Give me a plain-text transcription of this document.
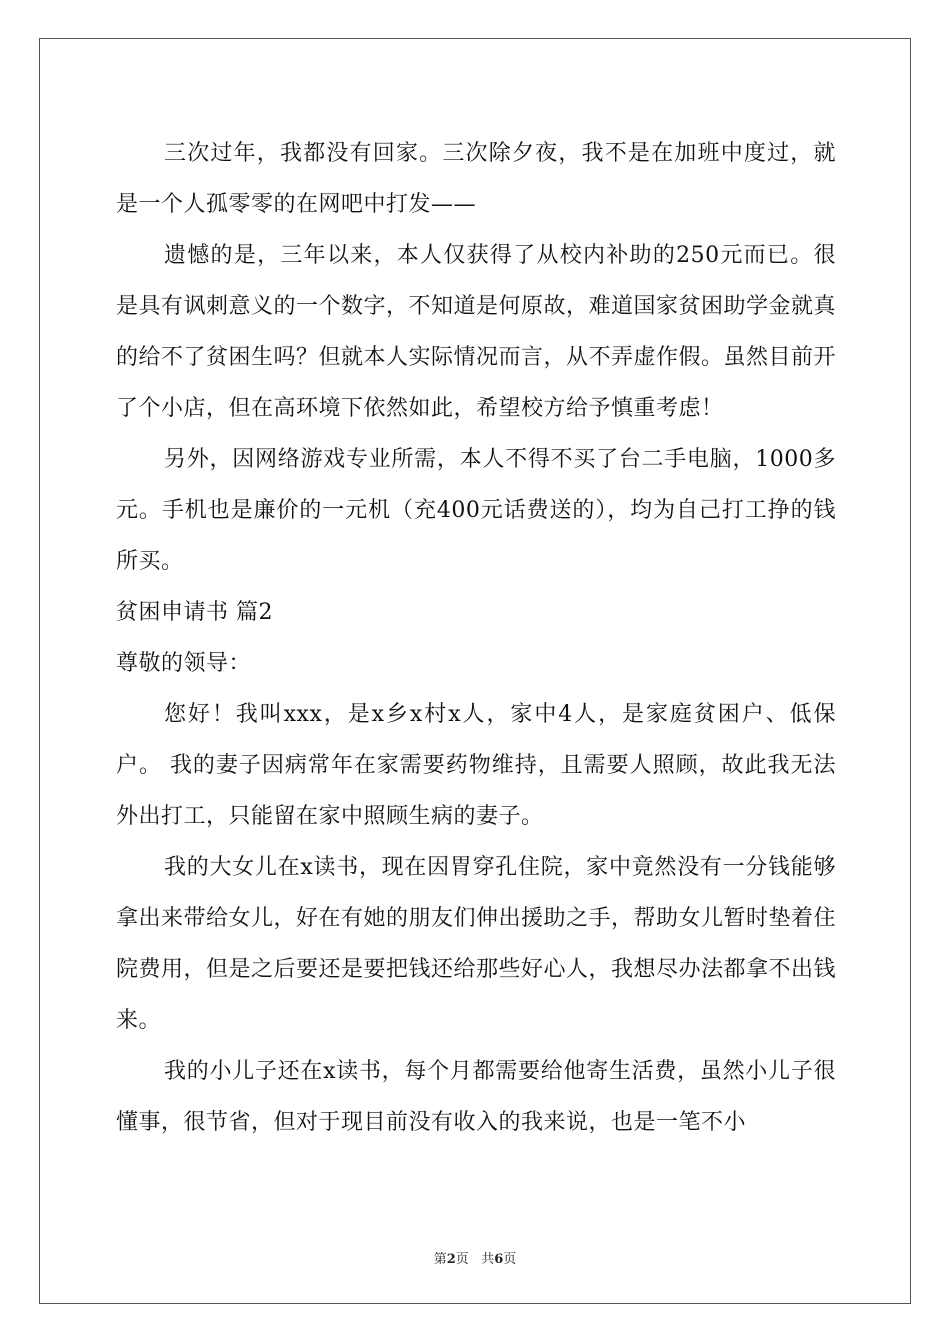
三次过年，我都没有回家。三次除夕夜，我不是在加班中度过，就是一个人孤零零的在网吧中打发——

遗憾的是，三年以来，本人仅获得了从校内补助的250元而已。很是具有讽刺意义的一个数字，不知道是何原故，难道国家贫困助学金就真的给不了贫困生吗？但就本人实际情况而言，从不弄虚作假。虽然目前开了个小店，但在高环境下依然如此，希望校方给予慎重考虑！

另外，因网络游戏专业所需，本人不得不买了台二手电脑，1000多元。手机也是廉价的一元机（充400元话费送的），均为自己打工挣的钱所买。

贫困申请书 篇2

尊敬的领导：

您好！我叫xxx，是x乡x村x人，家中4人，是家庭贫困户、低保户。 我的妻子因病常年在家需要药物维持，且需要人照顾，故此我无法外出打工，只能留在家中照顾生病的妻子。

我的大女儿在x读书，现在因胃穿孔住院，家中竟然没有一分钱能够拿出来带给女儿，好在有她的朋友们伸出援助之手，帮助女儿暂时垫着住院费用，但是之后要还是要把钱还给那些好心人，我想尽办法都拿不出钱来。

我的小儿子还在x读书，每个月都需要给他寄生活费，虽然小儿子很懂事，很节省，但对于现目前没有收入的我来说，也是一笔不小

第2页 共6页
